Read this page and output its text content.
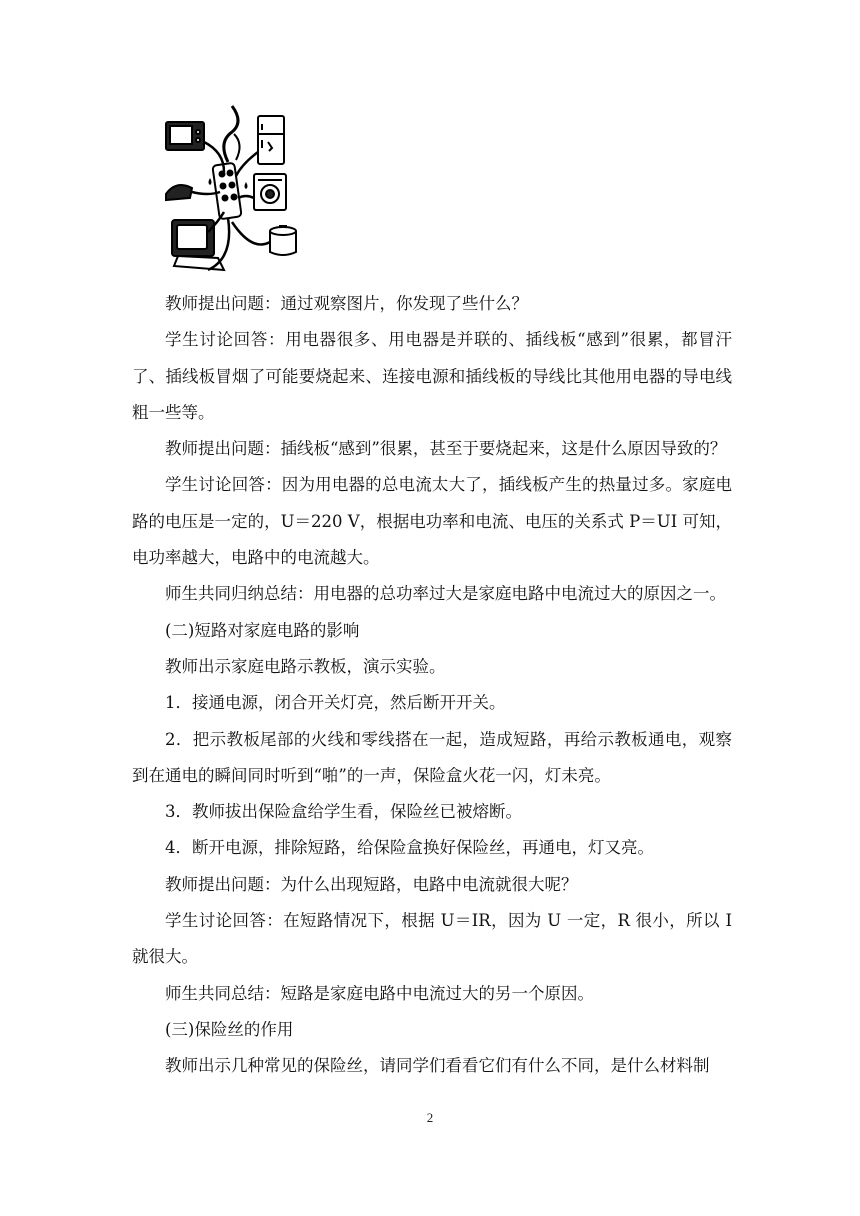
教师提出问题：通过观察图片，你发现了些什么？

学生讨论回答：用电器很多、用电器是并联的、插线板“感到”很累，都冒汗了、插线板冒烟了可能要烧起来、连接电源和插线板的导线比其他用电器的导电线粗一些等。

教师提出问题：插线板“感到”很累，甚至于要烧起来，这是什么原因导致的？

学生讨论回答：因为用电器的总电流太大了，插线板产生的热量过多。家庭电路的电压是一定的，U＝220 V，根据电功率和电流、电压的关系式 P＝UI 可知，电功率越大，电路中的电流越大。

师生共同归纳总结：用电器的总功率过大是家庭电路中电流过大的原因之一。

(二)短路对家庭电路的影响

教师出示家庭电路示教板，演示实验。

1．接通电源，闭合开关灯亮，然后断开开关。

2．把示教板尾部的火线和零线搭在一起，造成短路，再给示教板通电，观察到在通电的瞬间同时听到“啪”的一声，保险盒火花一闪，灯未亮。

3．教师拔出保险盒给学生看，保险丝已被熔断。

4．断开电源，排除短路，给保险盒换好保险丝，再通电，灯又亮。

教师提出问题：为什么出现短路，电路中电流就很大呢？

学生讨论回答：在短路情况下，根据 U＝IR，因为 U 一定，R 很小，所以 I 就很大。

师生共同总结：短路是家庭电路中电流过大的另一个原因。

(三)保险丝的作用

教师出示几种常见的保险丝，请同学们看看它们有什么不同，是什么材料制

2
